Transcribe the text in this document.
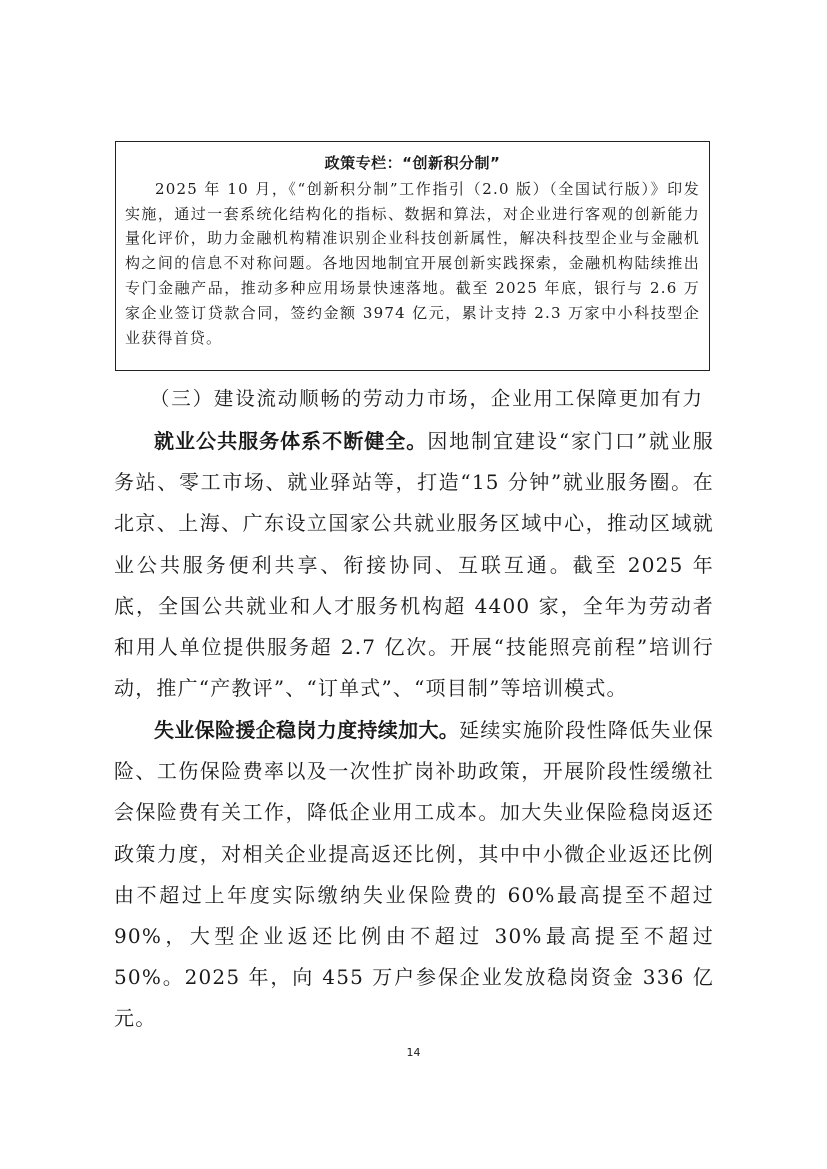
政策专栏：“创新积分制”

2025 年 10 月，《“创新积分制”工作指引（2.0 版）（全国试行版）》印发实施，通过一套系统化结构化的指标、数据和算法，对企业进行客观的创新能力量化评价，助力金融机构精准识别企业科技创新属性，解决科技型企业与金融机构之间的信息不对称问题。各地因地制宜开展创新实践探索，金融机构陆续推出专门金融产品，推动多种应用场景快速落地。截至 2025 年底，银行与 2.6 万家企业签订贷款合同，签约金额 3974 亿元，累计支持 2.3 万家中小科技型企业获得首贷。

（三）建设流动顺畅的劳动力市场，企业用工保障更加有力

就业公共服务体系不断健全。因地制宜建设“家门口”就业服务站、零工市场、就业驿站等，打造“15 分钟”就业服务圈。在北京、上海、广东设立国家公共就业服务区域中心，推动区域就业公共服务便利共享、衔接协同、互联互通。截至 2025 年底，全国公共就业和人才服务机构超 4400 家，全年为劳动者和用人单位提供服务超 2.7 亿次。开展“技能照亮前程”培训行动，推广“产教评”、“订单式”、“项目制”等培训模式。

失业保险援企稳岗力度持续加大。延续实施阶段性降低失业保险、工伤保险费率以及一次性扩岗补助政策，开展阶段性缓缴社会保险费有关工作，降低企业用工成本。加大失业保险稳岗返还政策力度，对相关企业提高返还比例，其中中小微企业返还比例由不超过上年度实际缴纳失业保险费的 60%最高提至不超过 90%，大型企业返还比例由不超过 30%最高提至不超过 50%。2025 年，向 455 万户参保企业发放稳岗资金 336 亿元。

14
